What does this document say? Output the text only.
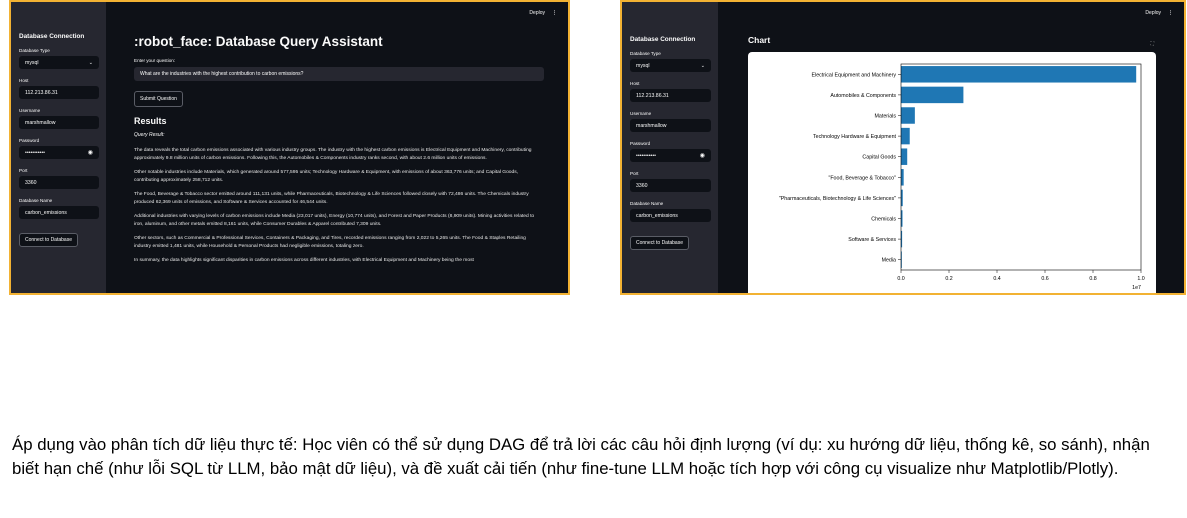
Database Connection
Database Type
mysql	⌄
Host
112.213.86.31
Username
marshmallow
Password
•••••••••••	◉
Port
3360
Database Name
carbon_emissions
Connect to Database
Deploy ⋮
:robot_face: Database Query Assistant
Enter your question:
What are the industries with the highest contribution to carbon emissions?
Submit Question
Results
Query Result:

The data reveals the total carbon emissions associated with various industry groups. The industry with the highest carbon emissions is Electrical Equipment and Machinery, contributing approximately 9.8 million units of carbon emissions. Following this, the Automobiles & Components industry ranks second, with about 2.6 million units of emissions.

Other notable industries include Materials, which generated around 577,595 units; Technology Hardware & Equipment, with emissions of about 363,776 units; and Capital Goods, contributing approximately 258,712 units.

The Food, Beverage & Tobacco sector emitted around 111,131 units, while Pharmaceuticals, Biotechnology & Life Sciences followed closely with 72,486 units. The Chemicals industry produced 62,369 units of emissions, and Software & Services accounted for 46,544 units.

Additional industries with varying levels of carbon emissions include Media (23,017 units), Energy (10,774 units), and Forest and Paper Products (8,909 units). Mining activities related to iron, aluminum, and other metals emitted 8,161 units, while Consumer Durables & Apparel contributed 7,309 units.

Other sectors, such as Commercial & Professional Services, Containers & Packaging, and Tires, recorded emissions ranging from 2,022 to 5,265 units. The Food & Staples Retailing industry emitted 1,481 units, while Household & Personal Products had negligible emissions, totaling zero.

In summary, the data highlights significant disparities in carbon emissions across different industries, with Electrical Equipment and Machinery being the most

Database Connection
Database Type
mysql	⌄
Host
112.213.86.31
Username
marshmallow
Password
•••••••••••	◉
Port
3360
Database Name
carbon_emissions
Connect to Database
Deploy ⋮
Chart	⛶
Electrical Equipment and Machinery
Automobiles & Components
Materials
Technology Hardware & Equipment
Capital Goods
"Food, Beverage & Tobacco"
"Pharmaceuticals, Biotechnology & Life Sciences"
Chemicals
Software & Services
Media
0.0	0.2	0.4	0.6	0.8	1.0
1e7
Áp dụng vào phân tích dữ liệu thực tế: Học viên có thể sử dụng DAG để trả lời các câu hỏi định lượng (ví dụ: xu hướng dữ liệu, thống kê, so sánh), nhận biết hạn chế (như lỗi SQL từ LLM, bảo mật dữ liệu), và đề xuất cải tiến (như fine-tune LLM hoặc tích hợp với công cụ visualize như Matplotlib/Plotly).
